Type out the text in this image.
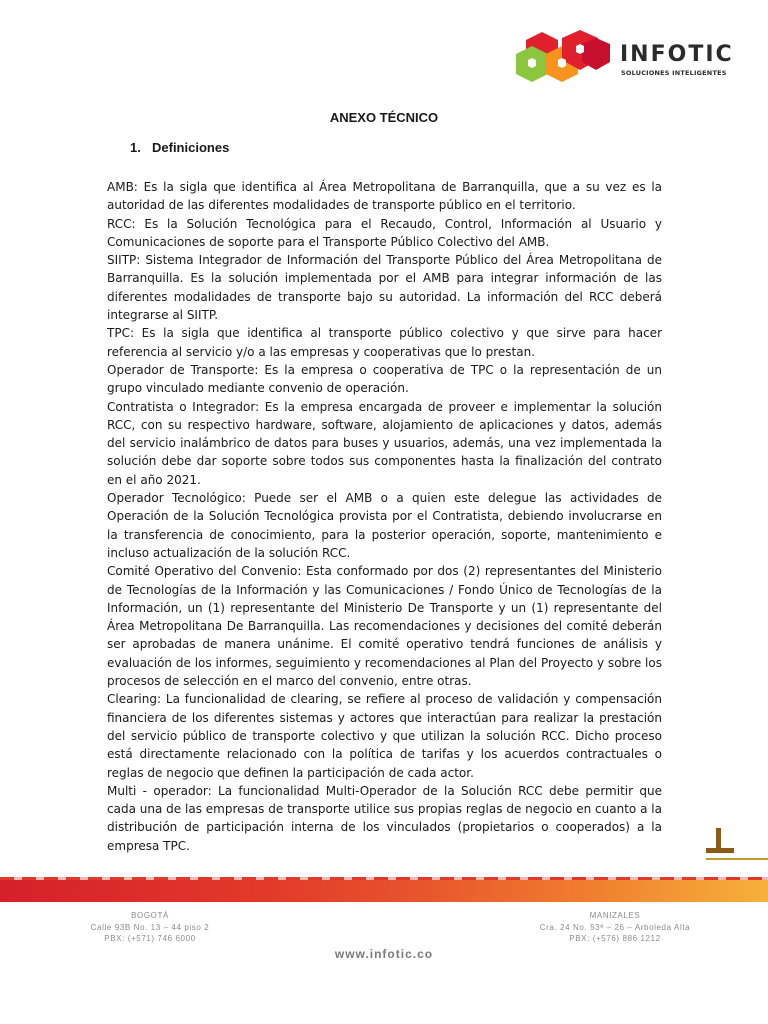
INFOTIC
SOLUCIONES INTELIGENTES
ANEXO TÉCNICO
1. Definiciones

AMB: Es la sigla que identifica al Área Metropolitana de Barranquilla, que a su vez es la autoridad de las diferentes modalidades de transporte público en el territorio.

RCC: Es la Solución Tecnológica para el Recaudo, Control, Información al Usuario y Comunicaciones de soporte para el Transporte Público Colectivo del AMB.

SIITP: Sistema Integrador de Información del Transporte Público del Área Metropolitana de Barranquilla. Es la solución implementada por el AMB para integrar información de las diferentes modalidades de transporte bajo su autoridad. La información del RCC deberá integrarse al SIITP.

TPC: Es la sigla que identifica al transporte público colectivo y que sirve para hacer referencia al servicio y/o a las empresas y cooperativas que lo prestan.

Operador de Transporte: Es la empresa o cooperativa de TPC o la representación de un grupo vinculado mediante convenio de operación.

Contratista o Integrador: Es la empresa encargada de proveer e implementar la solución RCC, con su respectivo hardware, software, alojamiento de aplicaciones y datos, además del servicio inalámbrico de datos para buses y usuarios, además, una vez implementada la solución debe dar soporte sobre todos sus componentes hasta la finalización del contrato en el año 2021.

Operador Tecnológico: Puede ser el AMB o a quien este delegue las actividades de Operación de la Solución Tecnológica provista por el Contratista, debiendo involucrarse en la transferencia de conocimiento, para la posterior operación, soporte, mantenimiento e incluso actualización de la solución RCC.

Comité Operativo del Convenio: Esta conformado por dos (2) representantes del Ministerio de Tecnologías de la Información y las Comunicaciones / Fondo Único de Tecnologías de la Información, un (1) representante del Ministerio De Transporte y un (1) representante del Área Metropolitana De Barranquilla. Las recomendaciones y decisiones del comité deberán ser aprobadas de manera unánime. El comité operativo tendrá funciones de análisis y evaluación de los informes, seguimiento y recomendaciones al Plan del Proyecto y sobre los procesos de selección en el marco del convenio, entre otras.

Clearing: La funcionalidad de clearing, se refiere al proceso de validación y compensación financiera de los diferentes sistemas y actores que interactúan para realizar la prestación del servicio público de transporte colectivo y que utilizan la solución RCC. Dicho proceso está directamente relacionado con la política de tarifas y los acuerdos contractuales o reglas de negocio que definen la participación de cada actor.

Multi - operador: La funcionalidad Multi-Operador de la Solución RCC debe permitir que cada una de las empresas de transporte utilice sus propias reglas de negocio en cuanto a la distribución de participación interna de los vinculados (propietarios o cooperados) a la empresa TPC.

BOGOTÁ
Calle 93B No. 13 – 44 piso 2
PBX: (+571) 746 6000
MANIZALES
Cra. 24 No. 53ª – 26 – Arboleda Alta
PBX: (+576) 886 1212
www.infotic.co
